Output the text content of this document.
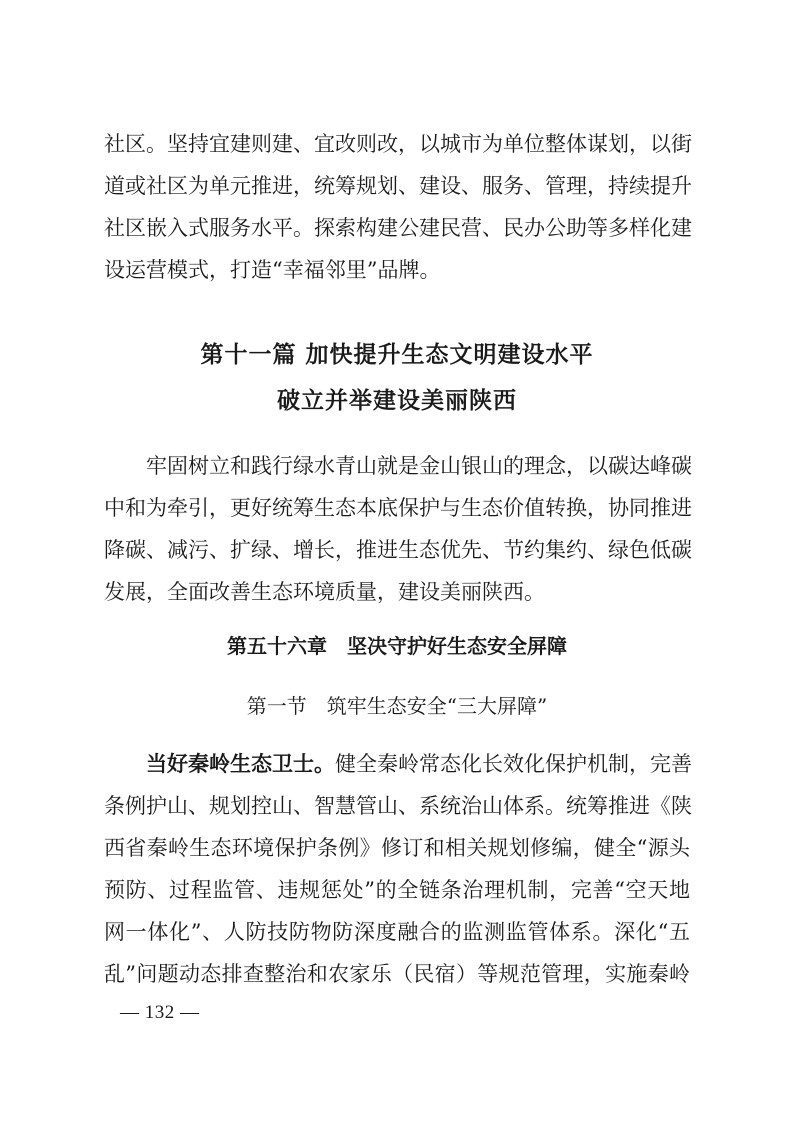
社区。坚持宜建则建、宜改则改，以城市为单位整体谋划，以街
道或社区为单元推进，统筹规划、建设、服务、管理，持续提升
社区嵌入式服务水平。探索构建公建民营、民办公助等多样化建
设运营模式，打造“幸福邻里”品牌。
第十一篇 加快提升生态文明建设水平
破立并举建设美丽陕西
牢固树立和践行绿水青山就是金山银山的理念，以碳达峰碳
中和为牵引，更好统筹生态本底保护与生态价值转换，协同推进
降碳、减污、扩绿、增长，推进生态优先、节约集约、绿色低碳
发展，全面改善生态环境质量，建设美丽陕西。
第五十六章　坚决守护好生态安全屏障
第一节　筑牢生态安全“三大屏障”
当好秦岭生态卫士。健全秦岭常态化长效化保护机制，完善
条例护山、规划控山、智慧管山、系统治山体系。统筹推进《陕
西省秦岭生态环境保护条例》修订和相关规划修编，健全“源头
预防、过程监管、违规惩处”的全链条治理机制，完善“空天地
网一体化”、人防技防物防深度融合的监测监管体系。深化“五
乱”问题动态排查整治和农家乐（民宿）等规范管理，实施秦岭
— 132 —
